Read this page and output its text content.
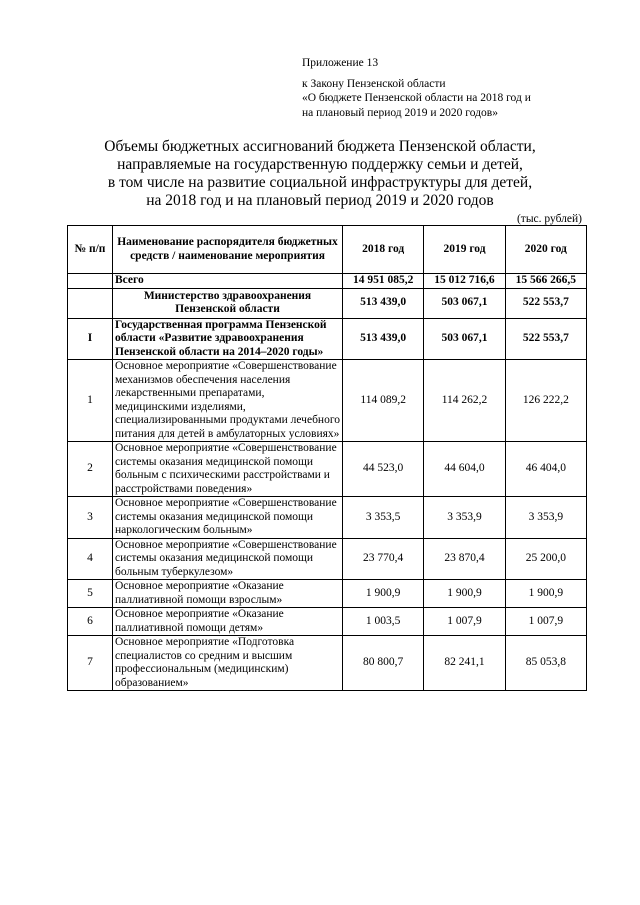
Приложение 13
к Закону Пензенской области
«О бюджете Пензенской области на 2018 год и
на плановый период 2019 и 2020 годов»
Объемы бюджетных ассигнований бюджета Пензенской области,
направляемые на государственную поддержку семьи и детей,
в том числе на развитие социальной инфраструктуры для детей,
на 2018 год и на плановый период 2019 и 2020 годов
(тыс. рублей)
№ п/п	Наименование распорядителя бюджетных средств / наименование мероприятия	2018 год	2019 год	2020 год
	Всего	14 951 085,2	15 012 716,6	15 566 266,5
	Министерство здравоохранения Пензенской области	513 439,0	503 067,1	522 553,7
I	Государственная программа Пензенской области «Развитие здравоохранения Пензенской области на 2014–2020 годы»	513 439,0	503 067,1	522 553,7
1	Основное мероприятие «Совершенствование механизмов обеспечения населения лекарственными препаратами, медицинскими изделиями, специализированными продуктами лечебного питания для детей в амбулаторных условиях»	114 089,2	114 262,2	126 222,2
2	Основное мероприятие «Совершенствование системы оказания медицинской помощи больным с психическими расстройствами и расстройствами поведения»	44 523,0	44 604,0	46 404,0
3	Основное мероприятие «Совершенствование системы оказания медицинской помощи наркологическим больным»	3 353,5	3 353,9	3 353,9
4	Основное мероприятие «Совершенствование системы оказания медицинской помощи больным туберкулезом»	23 770,4	23 870,4	25 200,0
5	Основное мероприятие «Оказание паллиативной помощи взрослым»	1 900,9	1 900,9	1 900,9
6	Основное мероприятие «Оказание паллиативной помощи детям»	1 003,5	1 007,9	1 007,9
7	Основное мероприятие «Подготовка специалистов со средним и высшим профессиональным (медицинским) образованием»	80 800,7	82 241,1	85 053,8
